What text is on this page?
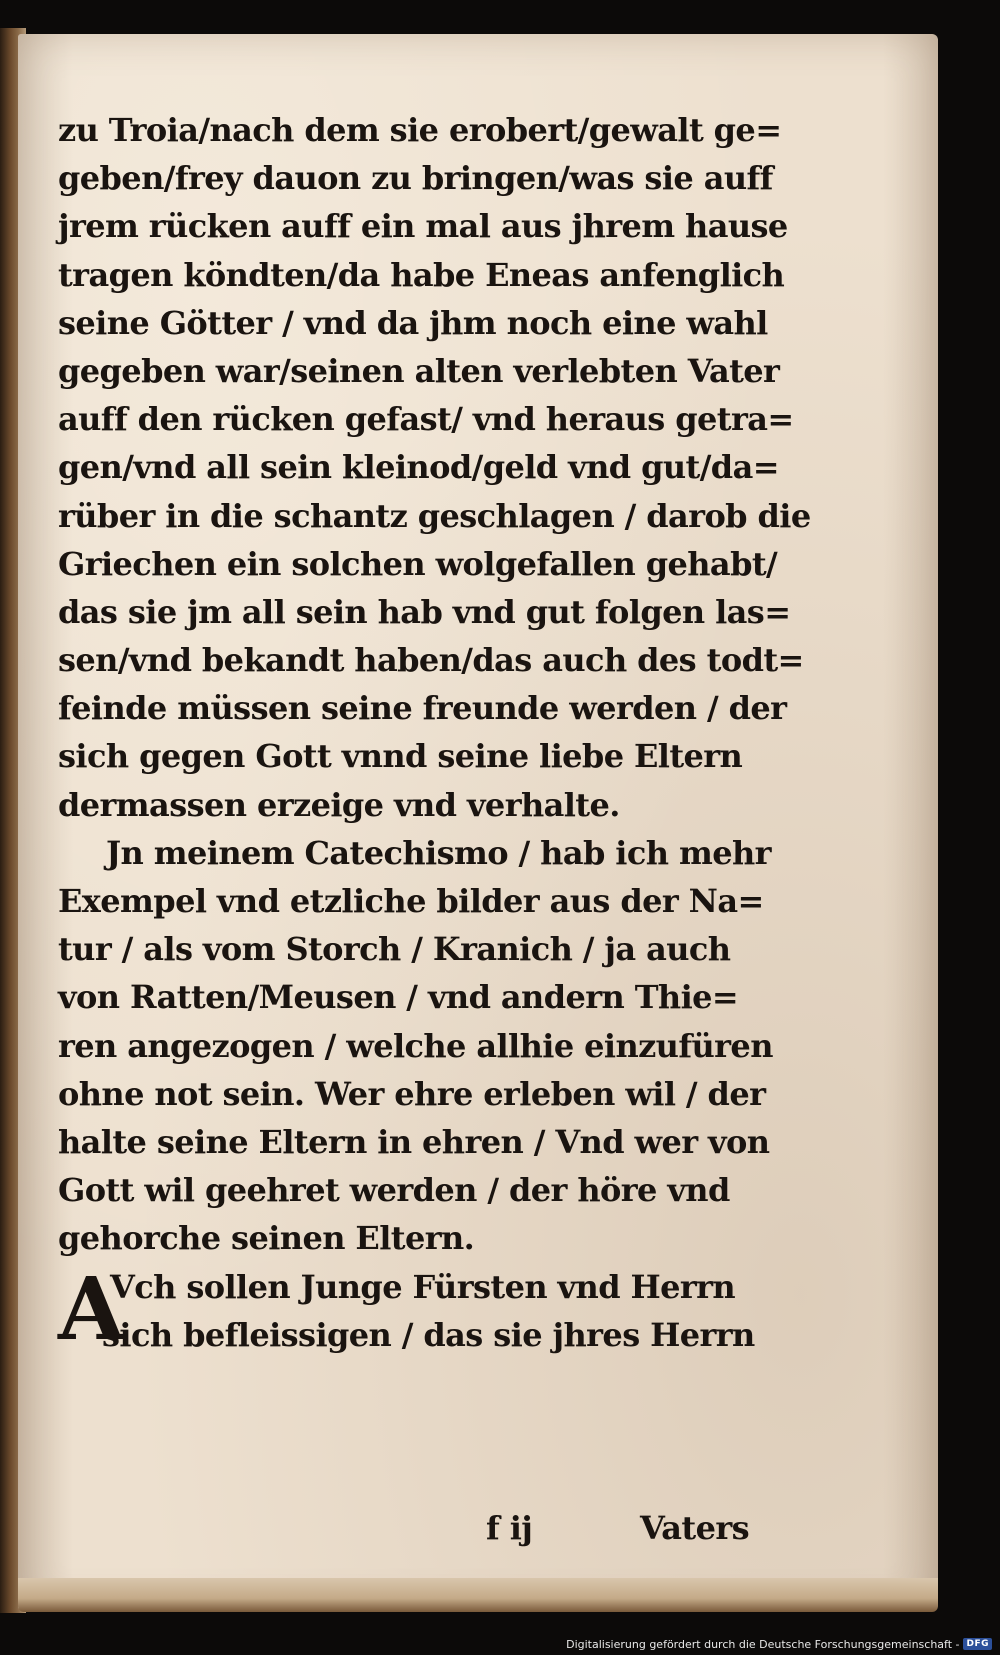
zu Troia/nach dem sie erobert/gewalt ge=
geben/frey dauon zu bringen/was sie auff
jrem rücken auff ein mal aus jhrem hause
tragen köndten/da habe Eneas anfenglich
seine Götter / vnd da jhm noch eine wahl
gegeben war/seinen alten verlebten Vater
auff den rücken gefast/ vnd heraus getra=
gen/vnd all sein kleinod/geld vnd gut/da=
rüber in die schantz geschlagen / darob die
Griechen ein solchen wolgefallen gehabt/
das sie jm all sein hab vnd gut folgen las=
sen/vnd bekandt haben/das auch des todt=
feinde müssen seine freunde werden / der
sich gegen Gott vnnd seine liebe Eltern
dermassen erzeige vnd verhalte.
Jn meinem Catechismo / hab ich mehr
Exempel vnd etzliche bilder aus der Na=
tur / als vom Storch / Kranich / ja auch
von Ratten/Meusen / vnd andern Thie=
ren angezogen / welche allhie einzufüren
ohne not sein. Wer ehre erleben wil / der
halte seine Eltern in ehren / Vnd wer von
Gott wil geehret werden / der höre vnd
gehorche seinen Eltern.
A
Vch sollen Junge Fürsten vnd Herrn
sich befleissigen / das sie jhres Herrn
f ij	Vaters
Digitalisierung gefördert durch die Deutsche Forschungsgemeinschaft - DFG
